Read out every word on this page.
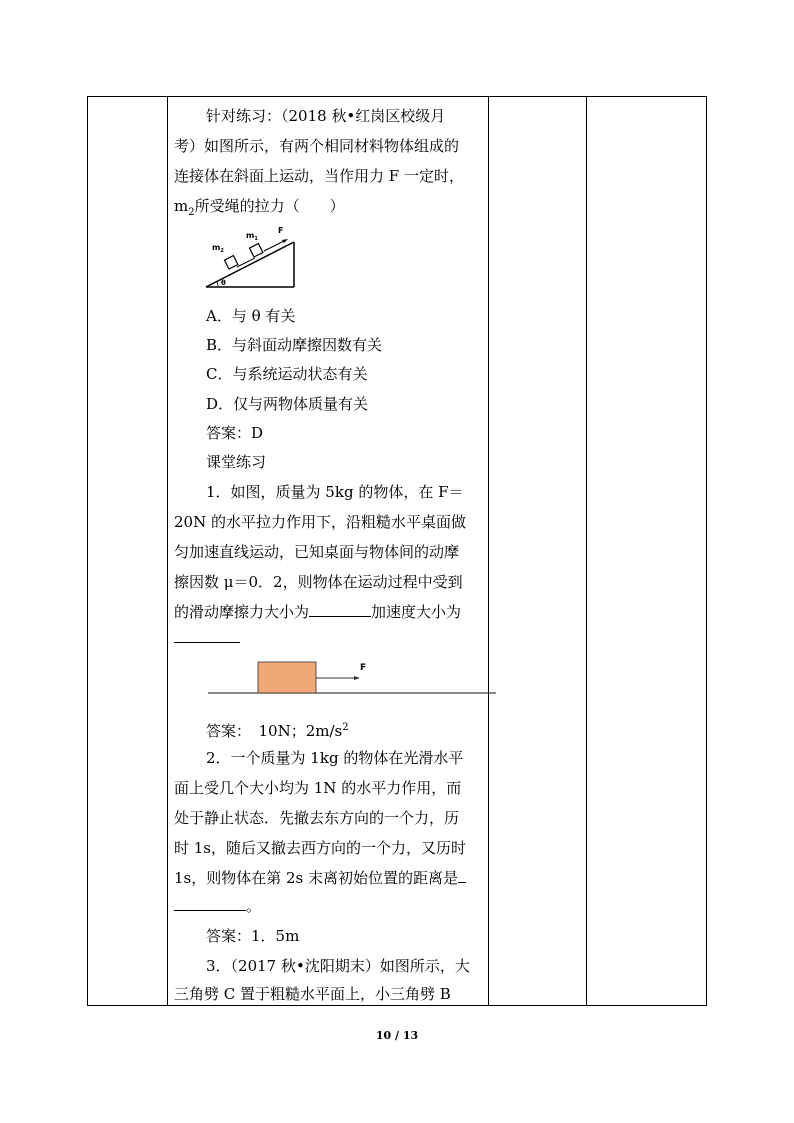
针对练习：（2018 秋•红岗区校级月
考）如图所示，有两个相同材料物体组成的
连接体在斜面上运动，当作用力 F 一定时，
$m_2$所受绳的拉力（　　）
$m_2$
$m_1$
F
θ
A．与 θ 有关
B．与斜面动摩擦因数有关
C．与系统运动状态有关
D．仅与两物体质量有关
答案：D
课堂练习
1．如图，质量为 5kg 的物体，在 F＝
20N 的水平拉力作用下，沿粗糙水平桌面做
匀加速直线运动，已知桌面与物体间的动摩
擦因数 μ＝0．2，则物体在运动过程中受到
的滑动摩擦力大小为	加速度大小为
F
答案：　10N；$2m/s^2$
2．一个质量为 1kg 的物体在光滑水平
面上受几个大小均为 1N 的水平力作用，而
处于静止状态．先撤去东方向的一个力，历
时 1s，随后又撤去西方向的一个力，又历时
1s，则物体在第 2s 末离初始位置的距离是
。
答案：1．5m
3．（2017 秋•沈阳期末）如图所示，大
三角劈 C 置于粗糙水平面上，小三角劈 B
10 / 13
